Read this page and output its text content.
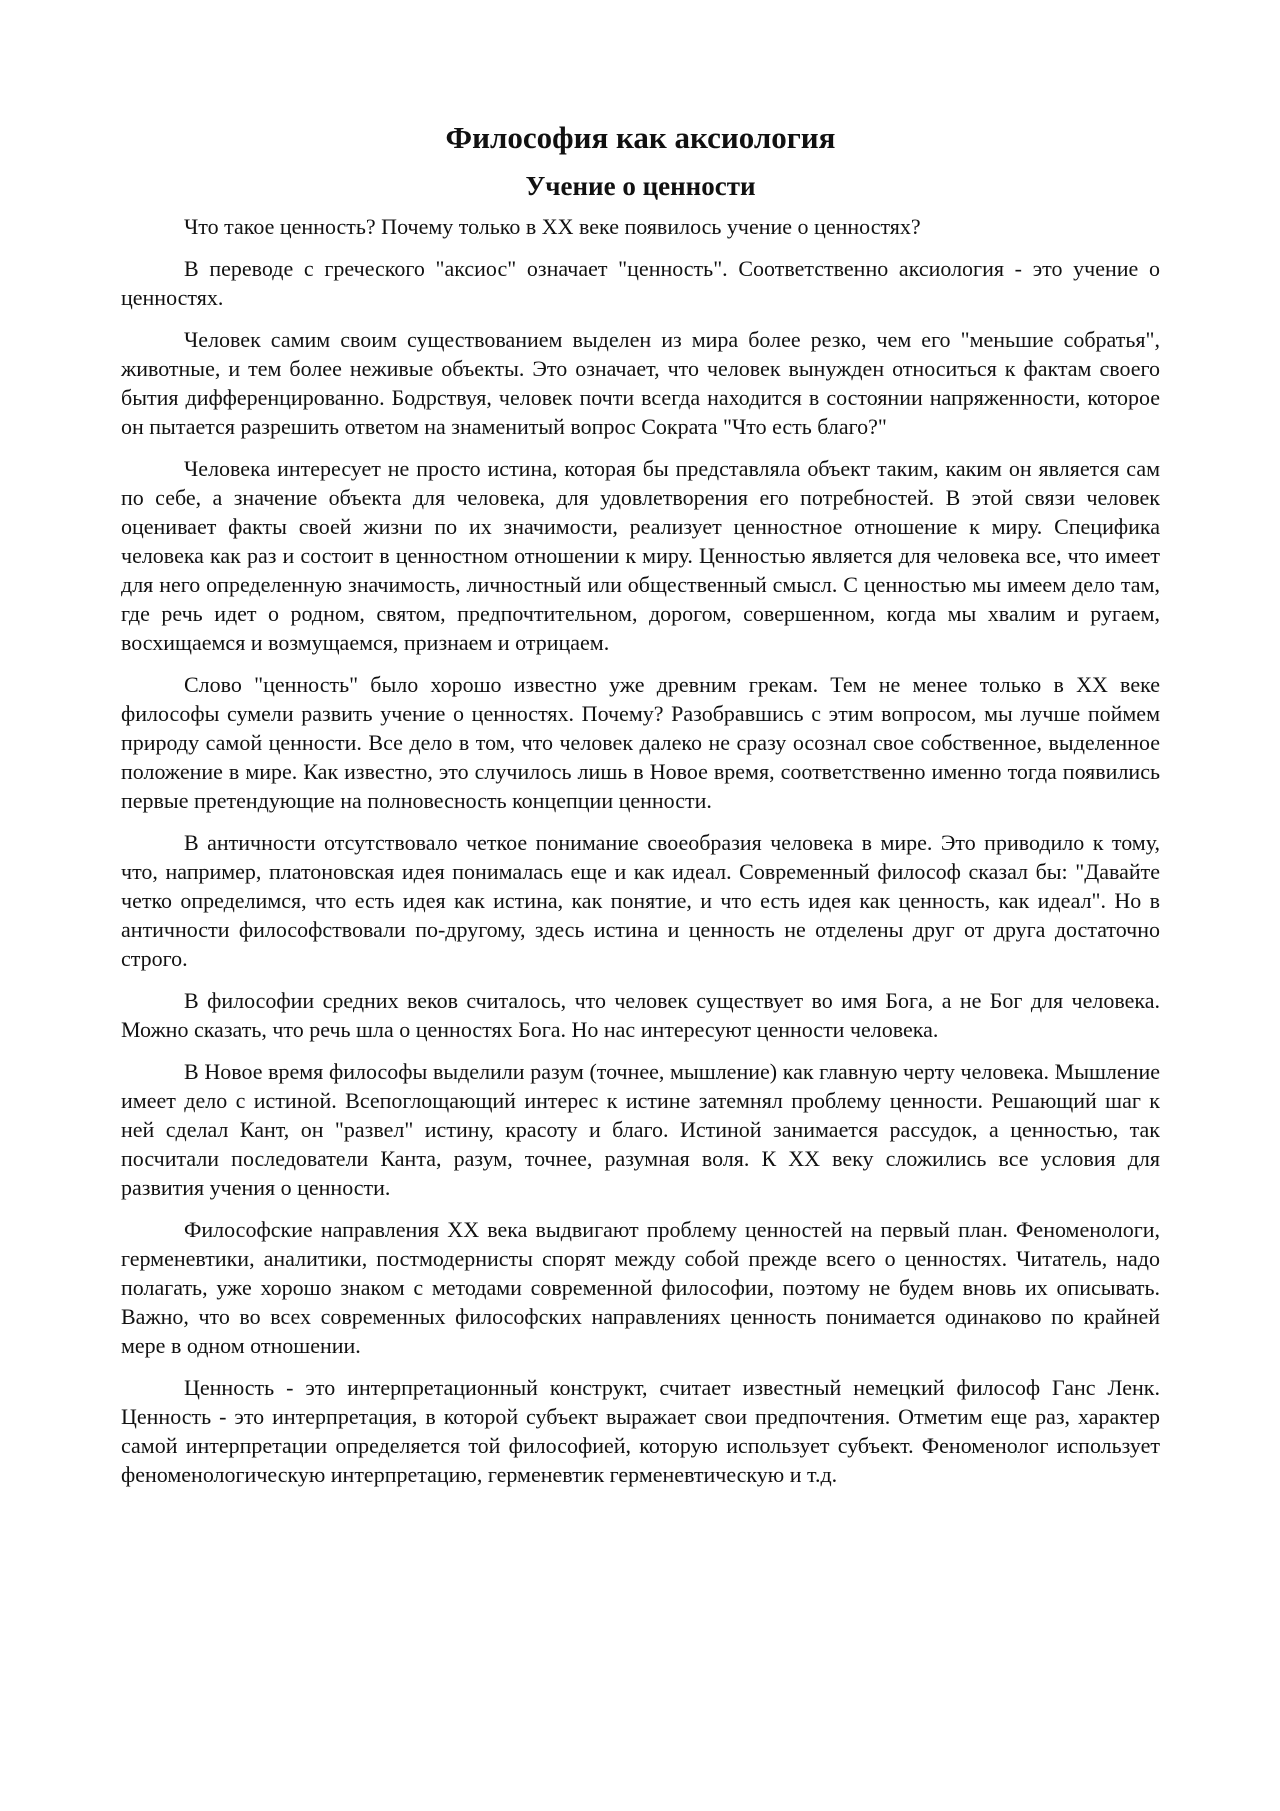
Философия как аксиология
Учение о ценности

Что такое ценность? Почему только в XX веке появилось учение о ценностях?

В переводе с греческого "аксиос" означает "ценность". Соответственно аксиология - это учение о ценностях.

Человек самим своим существованием выделен из мира более резко, чем его "меньшие собратья", животные, и тем более неживые объекты. Это означает, что человек вынужден относиться к фактам своего бытия дифференцированно. Бодрствуя, человек почти всегда находится в состоянии напряженности, которое он пытается разрешить ответом на знаменитый вопрос Сократа "Что есть благо?"

Человека интересует не просто истина, которая бы представляла объект таким, каким он является сам по себе, а значение объекта для человека, для удовлетворения его потребностей. В этой связи человек оценивает факты своей жизни по их значимости, реализует ценностное отношение к миру. Специфика человека как раз и состоит в ценностном отношении к миру. Ценностью является для человека все, что имеет для него определенную значимость, личностный или общественный смысл. С ценностью мы имеем дело там, где речь идет о родном, святом, предпочтительном, дорогом, совершенном, когда мы хвалим и ругаем, восхищаемся и возмущаемся, признаем и отрицаем.

Слово "ценность" было хорошо известно уже древним грекам. Тем не менее только в XX веке философы сумели развить учение о ценностях. Почему? Разобравшись с этим вопросом, мы лучше поймем природу самой ценности. Все дело в том, что человек далеко не сразу осознал свое собственное, выделенное положение в мире. Как известно, это случилось лишь в Новое время, соответственно именно тогда появились первые претендующие на полновесность концепции ценности.

В античности отсутствовало четкое понимание своеобразия человека в мире. Это приводило к тому, что, например, платоновская идея понималась еще и как идеал. Современный философ сказал бы: "Давайте четко определимся, что есть идея как истина, как понятие, и что есть идея как ценность, как идеал". Но в античности философствовали по-другому, здесь истина и ценность не отделены друг от друга достаточно строго.

В философии средних веков считалось, что человек существует во имя Бога, а не Бог для человека. Можно сказать, что речь шла о ценностях Бога. Но нас интересуют ценности человека.

В Новое время философы выделили разум (точнее, мышление) как главную черту человека. Мышление имеет дело с истиной. Всепоглощающий интерес к истине затемнял проблему ценности. Решающий шаг к ней сделал Кант, он "развел" истину, красоту и благо. Истиной занимается рассудок, а ценностью, так посчитали последователи Канта, разум, точнее, разумная воля. К XX веку сложились все условия для развития учения о ценности.

Философские направления XX века выдвигают проблему ценностей на первый план. Феноменологи, герменевтики, аналитики, постмодернисты спорят между собой прежде всего о ценностях. Читатель, надо полагать, уже хорошо знаком с методами современной философии, поэтому не будем вновь их описывать. Важно, что во всех современных философских направлениях ценность понимается одинаково по крайней мере в одном отношении.

Ценность - это интерпретационный конструкт, считает известный немецкий философ Ганс Ленк. Ценность - это интерпретация, в которой субъект выражает свои предпочтения. Отметим еще раз, характер самой интерпретации определяется той философией, которую использует субъект. Феноменолог использует феноменологическую интерпретацию, герменевтик герменевтическую и т.д.
